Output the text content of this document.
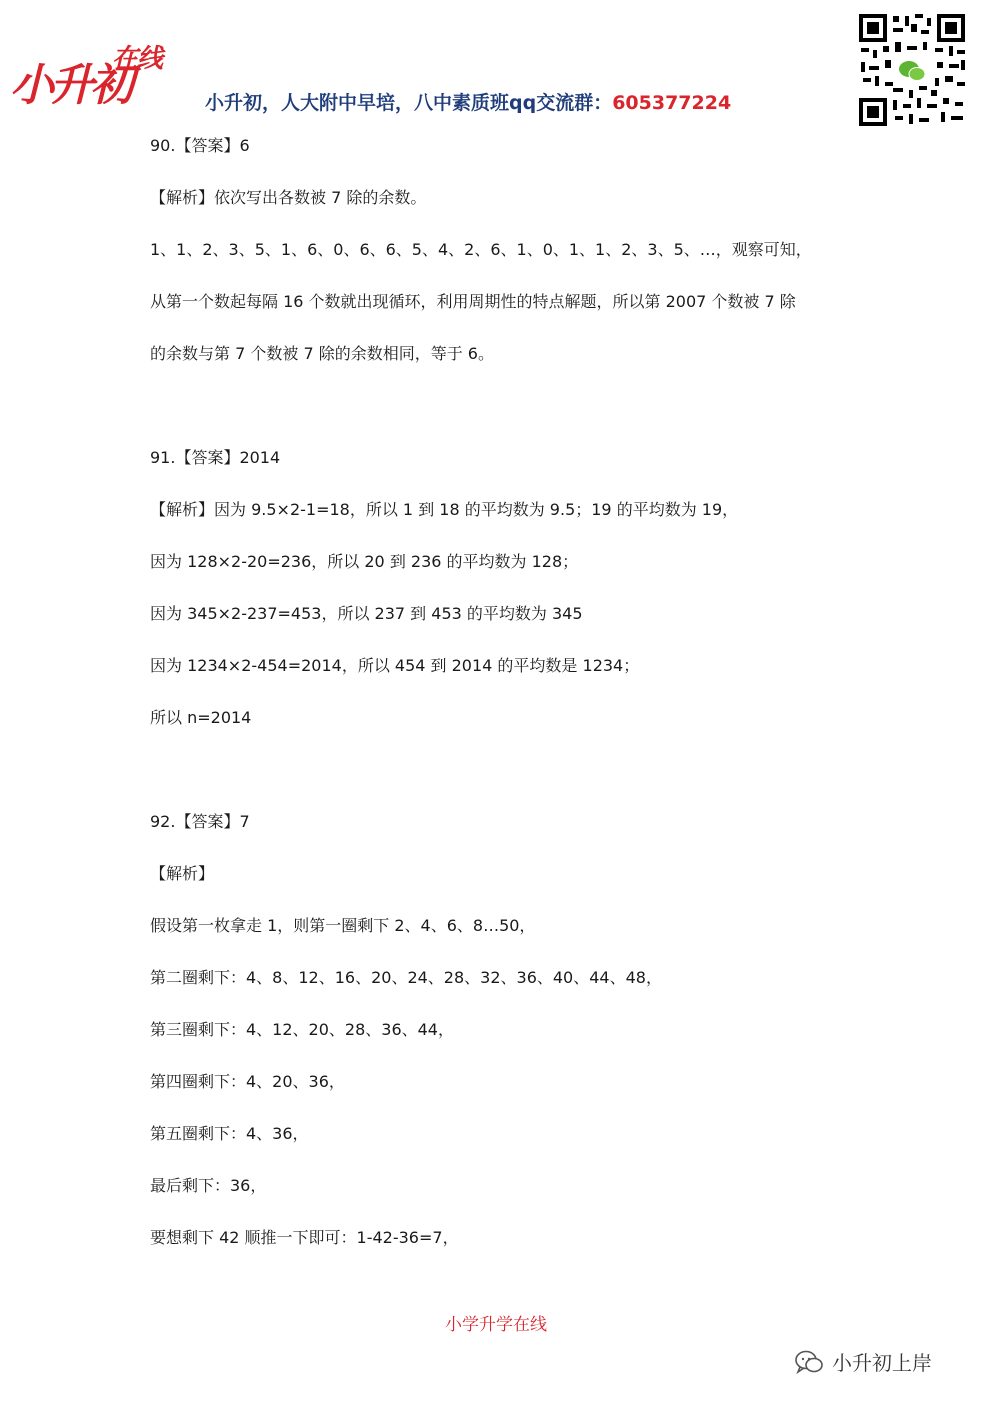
在线
小升初	小升初，人大附中早培，八中素质班qq交流群：605377224
90.【答案】6
【解析】依次写出各数被 7 除的余数。
1、1、2、3、5、1、6、0、6、6、5、4、2、6、1、0、1、1、2、3、5、…，观察可知，
从第一个数起每隔 16 个数就出现循环，利用周期性的特点解题，所以第 2007 个数被 7 除
的余数与第 7 个数被 7 除的余数相同，等于 6。
91.【答案】2014
【解析】因为 9.5×2-1=18，所以 1 到 18 的平均数为 9.5；19 的平均数为 19，
因为 128×2-20=236，所以 20 到 236 的平均数为 128；
因为 345×2-237=453，所以 237 到 453 的平均数为 345
因为 1234×2-454=2014，所以 454 到 2014 的平均数是 1234；
所以 n=2014
92.【答案】7
【解析】
假设第一枚拿走 1，则第一圈剩下 2、4、6、8…50，
第二圈剩下：4、8、12、16、20、24、28、32、36、40、44、48，
第三圈剩下：4、12、20、28、36、44，
第四圈剩下：4、20、36，
第五圈剩下：4、36，
最后剩下：36，
要想剩下 42 顺推一下即可：1-42-36=7，
小学升学在线
小升初上岸
